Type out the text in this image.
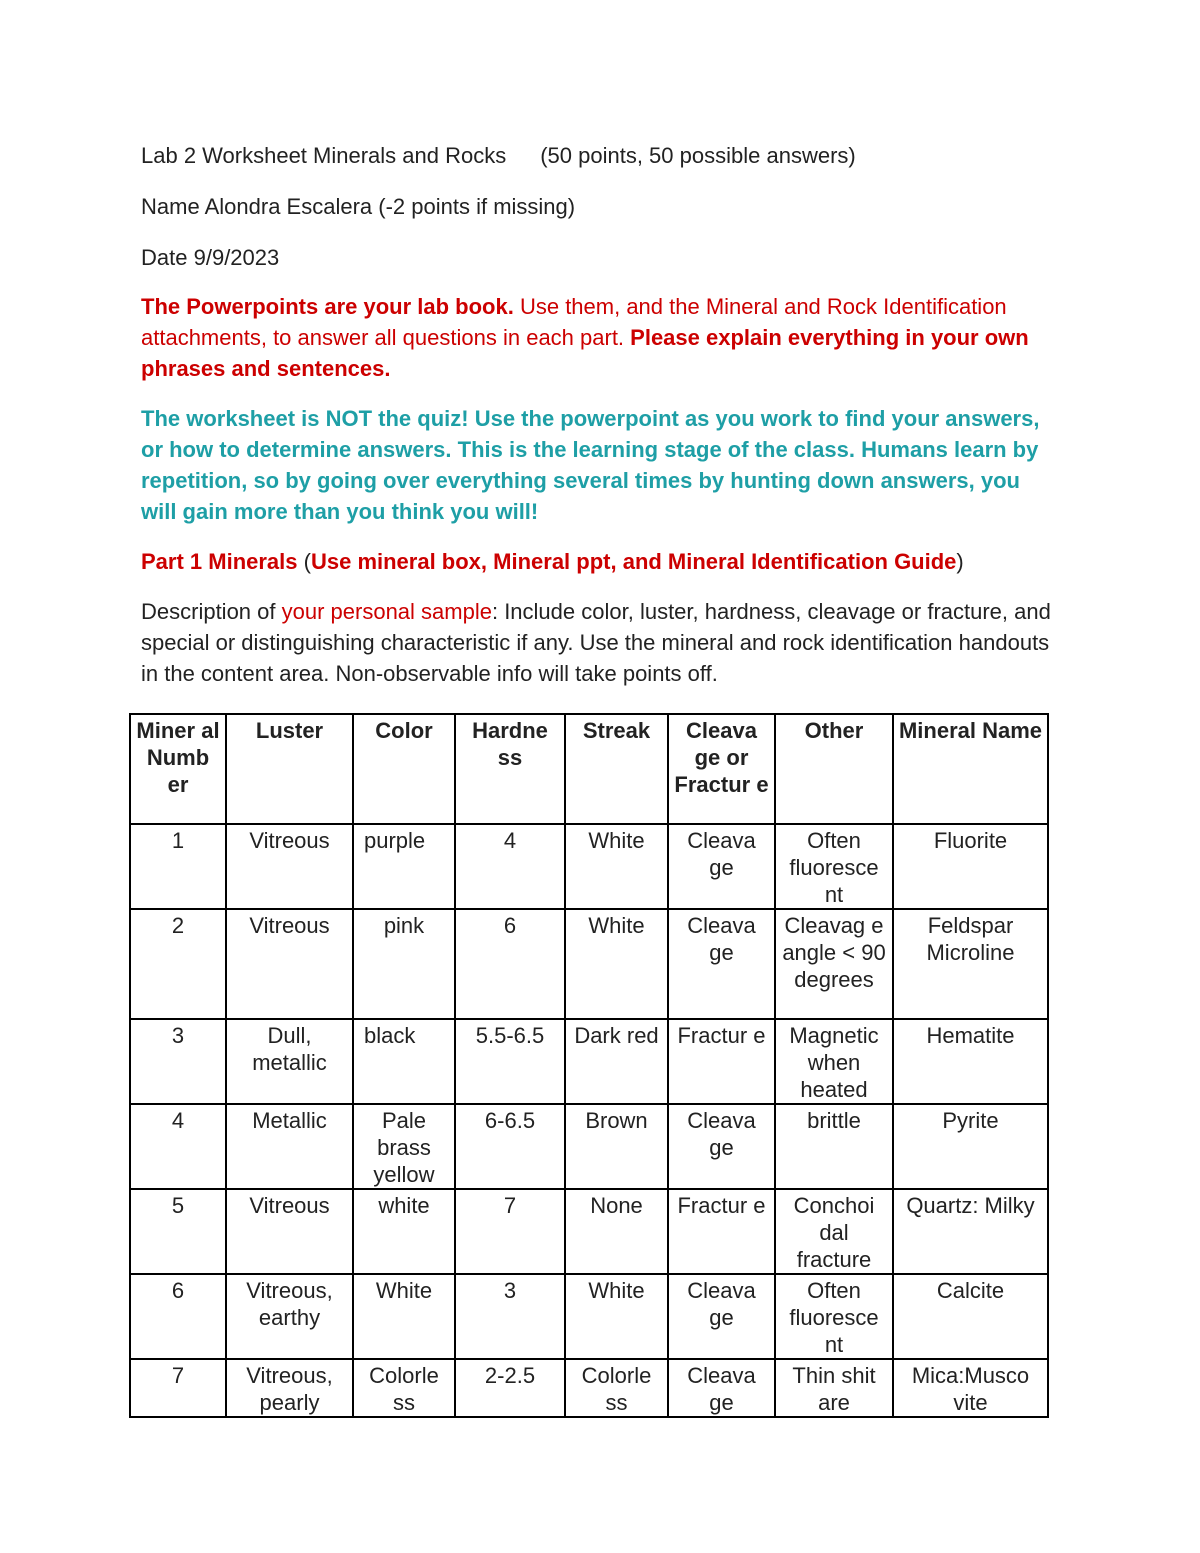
Lab 2 Worksheet Minerals and Rocks (50 points, 50 possible answers)

Name Alondra Escalera (-2 points if missing)

Date 9/9/2023

The Powerpoints are your lab book. Use them, and the Mineral and Rock Identification attachments, to answer all questions in each part. Please explain everything in your own phrases and sentences.

The worksheet is NOT the quiz! Use the powerpoint as you work to find your answers, or how to determine answers. This is the learning stage of the class. Humans learn by repetition, so by going over everything several times by hunting down answers, you will gain more than you think you will!

Part 1 Minerals (Use mineral box, Mineral ppt, and Mineral Identification Guide)

Description of your personal sample: Include color, luster, hardness, cleavage or fracture, and special or distinguishing characteristic if any. Use the mineral and rock identification handouts in the content area. Non-observable info will take points off.

Miner al Numb er	Luster	Color	Hardne ss	Streak	Cleava ge or Fractur e	Other	Mineral Name
1	Vitreous	purple	4	White	Cleava ge	Often fluoresce nt	Fluorite
2	Vitreous	pink	6	White	Cleava ge	Cleavag e angle < 90 degrees	Feldspar Microline
3	Dull, metallic	black	5.5-6.5	Dark red	Fractur e	Magnetic when heated	Hematite
4	Metallic	Pale brass yellow	6-6.5	Brown	Cleava ge	brittle	Pyrite
5	Vitreous	white	7	None	Fractur e	Conchoi dal fracture	Quartz: Milky
6	Vitreous, earthy	White	3	White	Cleava ge	Often fluoresce nt	Calcite
7	Vitreous, pearly	Colorle ss	2-2.5	Colorle ss	Cleava ge	Thin shit are	Mica:Musco vite
